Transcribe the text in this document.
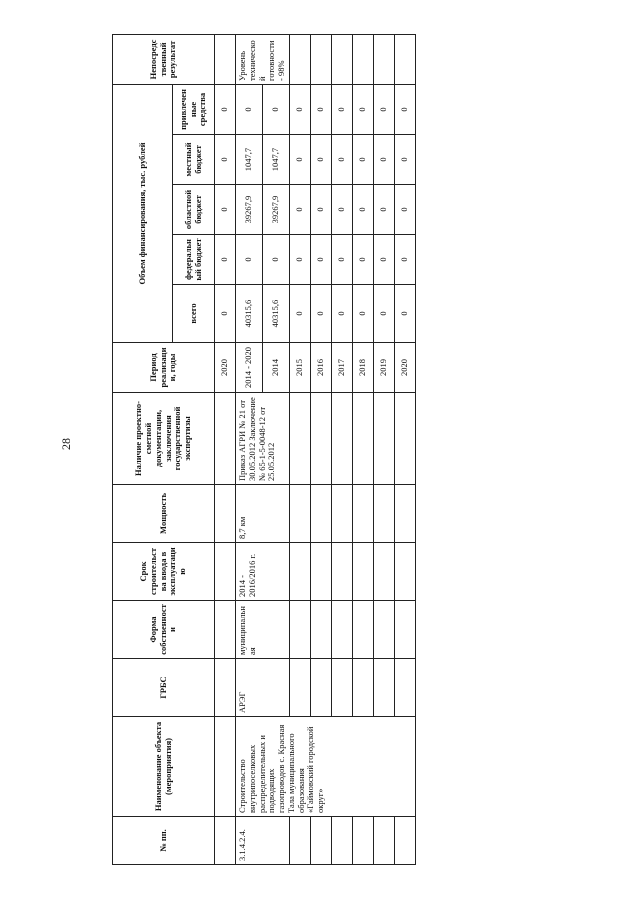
28
№ пп.	Наименование объекта (мероприятия)	ГРБС	Форма собственности	Срок строительства ввода в эксплуатацию	Мощность	Наличие проектно-сметной документации, заключения государственной экспертизы	Период реализации, годы	Объем финансирования, тыс. рублей					Непосредственный результат
								всего	федеральный бюджет	областной бюджет	местный бюджет	привлеченные средства	
							2020	0	0	0	0	0	
3.1.4.2.4.	Строительство внутрипоселковых распределительных и подводящих газопроводов с. Красная Тала муниципального образования «Гаймовский городской округ»	АРЭГ	муниципальная	2014 - 2016/2016 г.	8,7 км	Приказ АГРИ № 21 от 30.05.2012 Заключение № 65-1-5-0048-12 от 25.05.2012	2014 - 2020	40315,6	0	39267,9	1047,7	0	Уровень технической готовности - 98%
							2014	40315,6	0	39267,9	1047,7	0	
							2015	0	0	0	0	0	
							2016	0	0	0	0	0	
							2017	0	0	0	0	0	
							2018	0	0	0	0	0	
							2019	0	0	0	0	0	
							2020	0	0	0	0	0	
